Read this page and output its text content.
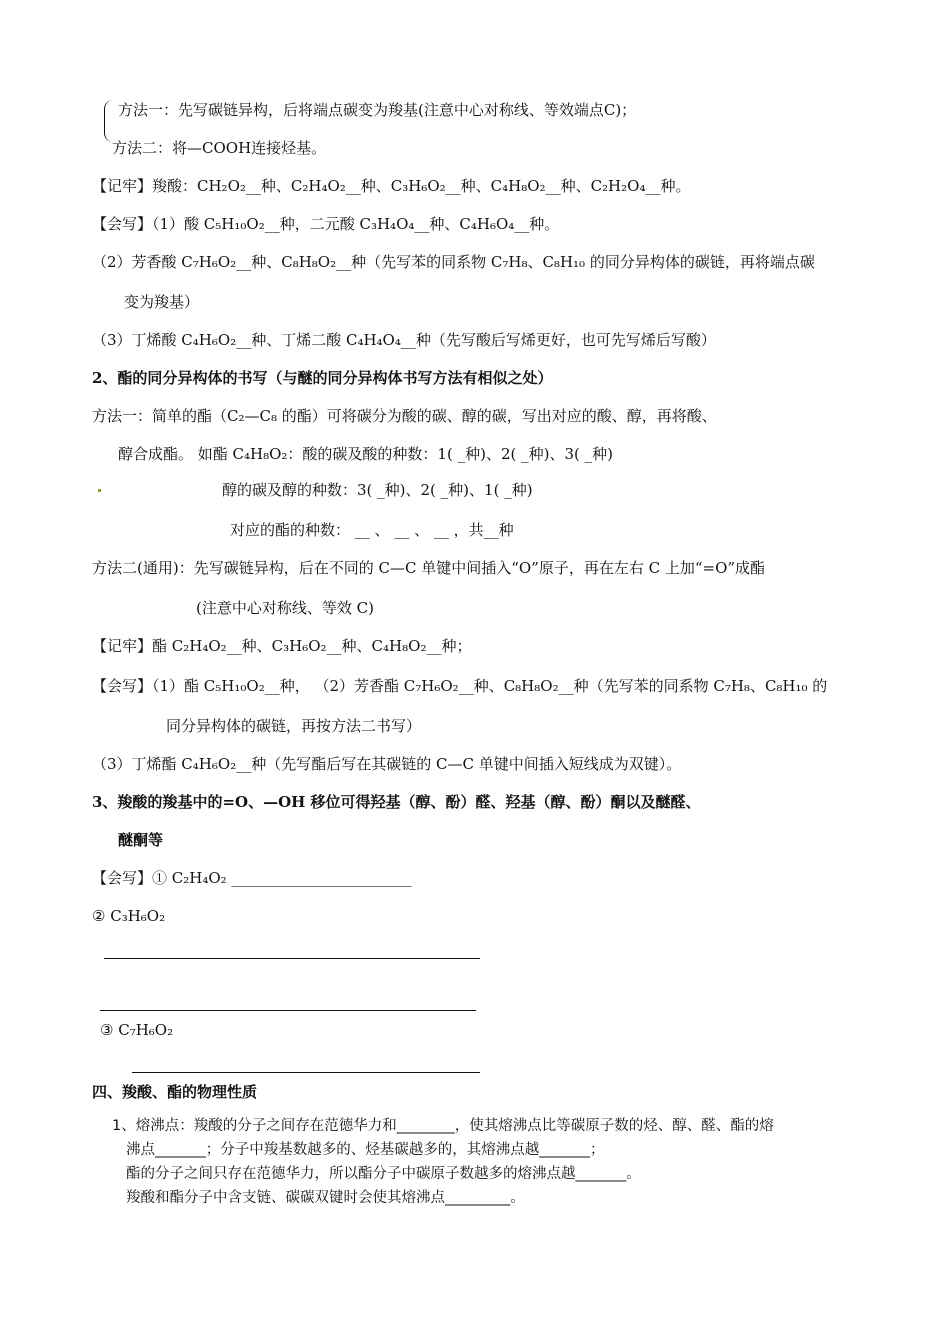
方法一：先写碳链异构，后将端点碳变为羧基(注意中心对称线、等效端点C)；
方法二：将—COOH连接烃基。
【记牢】羧酸：CH₂O₂__种、C₂H₄O₂__种、C₃H₆O₂__种、C₄H₈O₂__种、C₂H₂O₄__种。
【会写】（1）酸 C₅H₁₀O₂__种，二元酸 C₃H₄O₄__种、C₄H₆O₄__种。
（2）芳香酸 C₇H₆O₂__种、C₈H₈O₂__种（先写苯的同系物 C₇H₈、C₈H₁₀ 的同分异构体的碳链，再将端点碳
变为羧基）
（3）丁烯酸 C₄H₆O₂__种、丁烯二酸 C₄H₄O₄__种（先写酸后写烯更好，也可先写烯后写酸）
2、酯的同分异构体的书写（与醚的同分异构体书写方法有相似之处）
方法一：简单的酯（C₂—C₈ 的酯）可将碳分为酸的碳、醇的碳，写出对应的酸、醇，再将酸、
醇合成酯。 如酯 C₄H₈O₂：酸的碳及酸的种数：1( _种)、2( _种)、3( _种)
醇的碳及醇的种数：3( _种)、2( _种)、1( _种)
对应的酯的种数： __ 、 __ 、 __ ，共__种
方法二(通用)：先写碳链异构，后在不同的 C—C 单键中间插入“O”原子，再在左右 C 上加“=O”成酯
(注意中心对称线、等效 C)
【记牢】酯 C₂H₄O₂__种、C₃H₆O₂__种、C₄H₈O₂__种；
【会写】（1）酯 C₅H₁₀O₂__种， （2）芳香酯 C₇H₆O₂__种、C₈H₈O₂__种（先写苯的同系物 C₇H₈、C₈H₁₀ 的
同分异构体的碳链，再按方法二书写）
（3）丁烯酯 C₄H₆O₂__种（先写酯后写在其碳链的 C—C 单键中间插入短线成为双键）。
3、羧酸的羧基中的=O、—OH 移位可得羟基（醇、酚）醛、羟基（醇、酚）酮以及醚醛、
醚酮等
【会写】① C₂H₄O₂ ________________________
② C₃H₆O₂
③ C₇H₆O₂
四、羧酸、酯的物理性质
1、熔沸点：羧酸的分子之间存在范德华力和________，使其熔沸点比等碳原子数的烃、醇、醛、酯的熔
沸点_______；分子中羧基数越多的、烃基碳越多的，其熔沸点越_______；
酯的分子之间只存在范德华力，所以酯分子中碳原子数越多的熔沸点越_______。
羧酸和酯分子中含支链、碳碳双键时会使其熔沸点_________。
